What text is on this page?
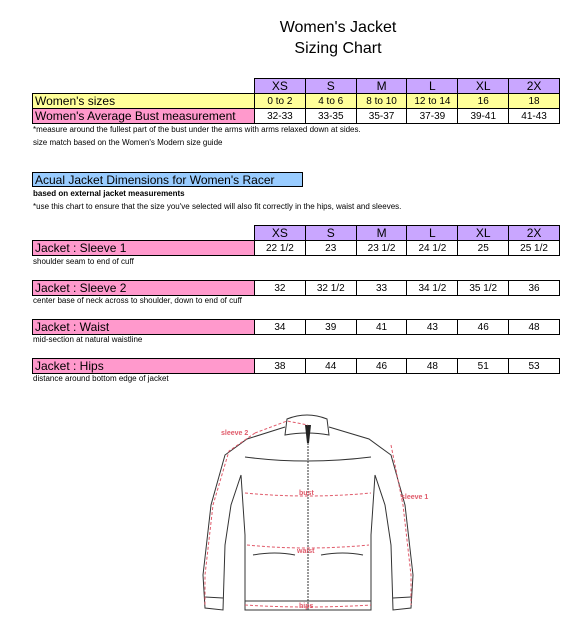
Women's Jacket
Sizing Chart
	XS	S	M	L	XL	2X
Women's sizes	0 to 2	4 to 6	8 to 10	12 to 14	16	18
Women's Average Bust measurement	32-33	33-35	35-37	37-39	39-41	41-43
*measure around the fullest part of the bust under the arms with arms relaxed down at sides.
size match based on the Women's Modern size guide
Acual Jacket Dimensions for Women's Racer
based on external jacket measurements
*use this chart to ensure that the size you've selected will also fit correctly in the hips, waist and sleeves.
	XS	S	M	L	XL	2X
Jacket : Sleeve 1	22 1/2	23	23 1/2	24 1/2	25	25 1/2
shoulder seam to end of cuff
Jacket : Sleeve 2	32	32 1/2	33	34 1/2	35 1/2	36
center base of neck across to shoulder, down to end of cuff
Jacket : Waist	34	39	41	43	46	48
mid-section at natural waistline
Jacket : Hips	38	44	46	48	51	53
distance around bottom edge of jacket
sleeve 2
sleeve 1
bust
waist
hips
